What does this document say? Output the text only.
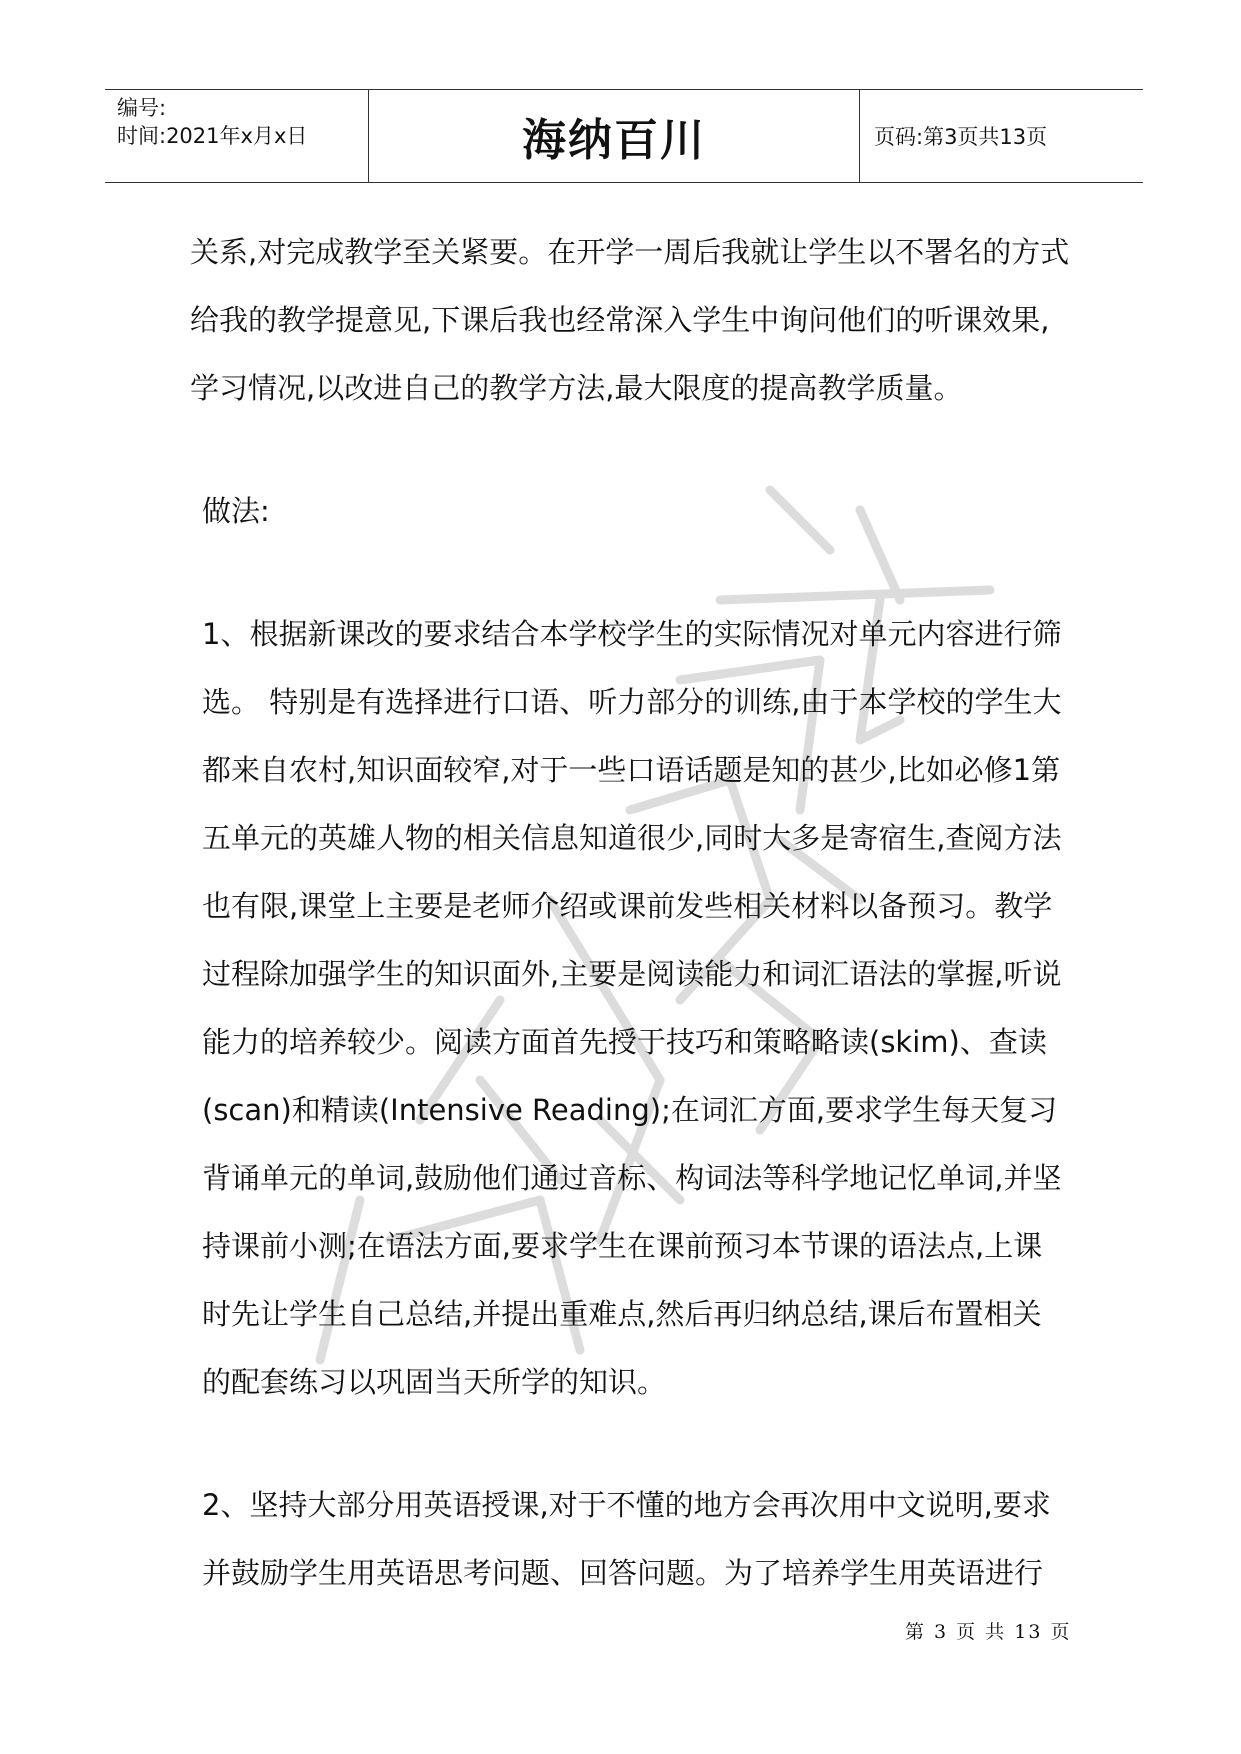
编号:
时间:2021年x月x日	海纳百川	页码:第3页共13页

关系,对完成教学至关紧要。在开学一周后我就让学生以不署名的方式给我的教学提意见,下课后我也经常深入学生中询问他们的听课效果,学习情况,以改进自己的教学方法,最大限度的提高教学质量。

做法:

1、根据新课改的要求结合本学校学生的实际情况对单元内容进行筛选。 特别是有选择进行口语、听力部分的训练,由于本学校的学生大都来自农村,知识面较窄,对于一些口语话题是知的甚少,比如必修1第五单元的英雄人物的相关信息知道很少,同时大多是寄宿生,查阅方法也有限,课堂上主要是老师介绍或课前发些相关材料以备预习。教学过程除加强学生的知识面外,主要是阅读能力和词汇语法的掌握,听说能力的培养较少。阅读方面首先授于技巧和策略略读(skim)、查读(scan)和精读(Intensive Reading);在词汇方面,要求学生每天复习背诵单元的单词,鼓励他们通过音标、构词法等科学地记忆单词,并坚持课前小测;在语法方面,要求学生在课前预习本节课的语法点,上课时先让学生自己总结,并提出重难点,然后再归纳总结,课后布置相关的配套练习以巩固当天所学的知识。

2、坚持大部分用英语授课,对于不懂的地方会再次用中文说明,要求并鼓励学生用英语思考问题、回答问题。为了培养学生用英语进行

第 3 页 共 13 页
